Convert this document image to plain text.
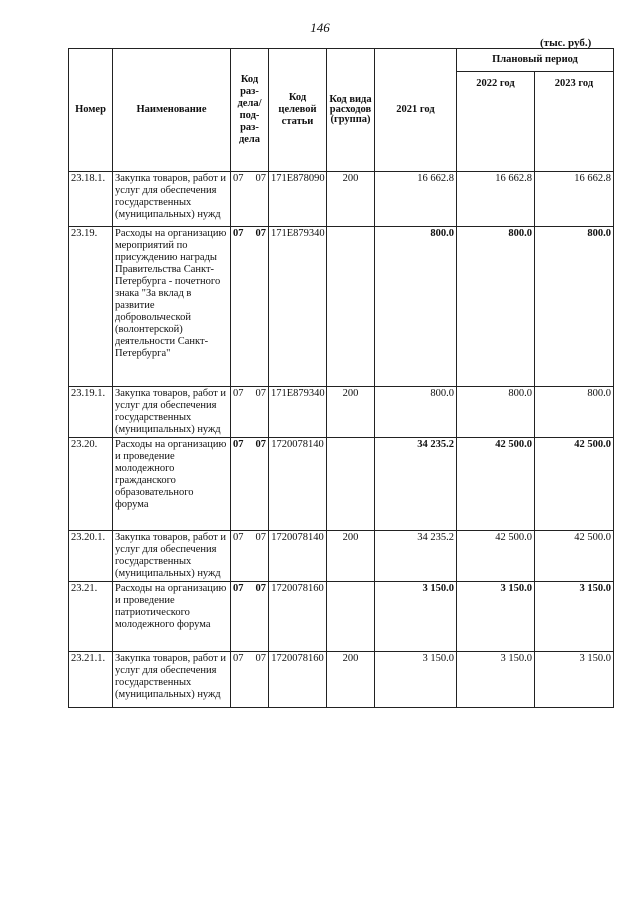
146
(тыс. руб.)
Номер	Наименование	Код раз- дела/ под- раз- дела	Код целевой статьи	Код вида расходов (группа)	2021 год	Плановый период	
						2022 год	2023 год
23.18.1.	Закупка товаров, работ и услуг для обеспечения государственных (муниципальных) нужд	07 07	171E878090	200	16 662.8	16 662.8	16 662.8
23.19.	Расходы на организацию мероприятий по присуждению награды Правительства Санкт-Петербурга - почетного знака "За вклад в развитие добровольческой (волонтерской) деятельности Санкт-Петербурга"	07 07	171E879340		800.0	800.0	800.0
23.19.1.	Закупка товаров, работ и услуг для обеспечения государственных (муниципальных) нужд	07 07	171E879340	200	800.0	800.0	800.0
23.20.	Расходы на организацию и проведение молодежного гражданского образовательного форума	07 07	1720078140		34 235.2	42 500.0	42 500.0
23.20.1.	Закупка товаров, работ и услуг для обеспечения государственных (муниципальных) нужд	07 07	1720078140	200	34 235.2	42 500.0	42 500.0
23.21.	Расходы на организацию и проведение патриотического молодежного форума	07 07	1720078160		3 150.0	3 150.0	3 150.0
23.21.1.	Закупка товаров, работ и услуг для обеспечения государственных (муниципальных) нужд	07 07	1720078160	200	3 150.0	3 150.0	3 150.0
